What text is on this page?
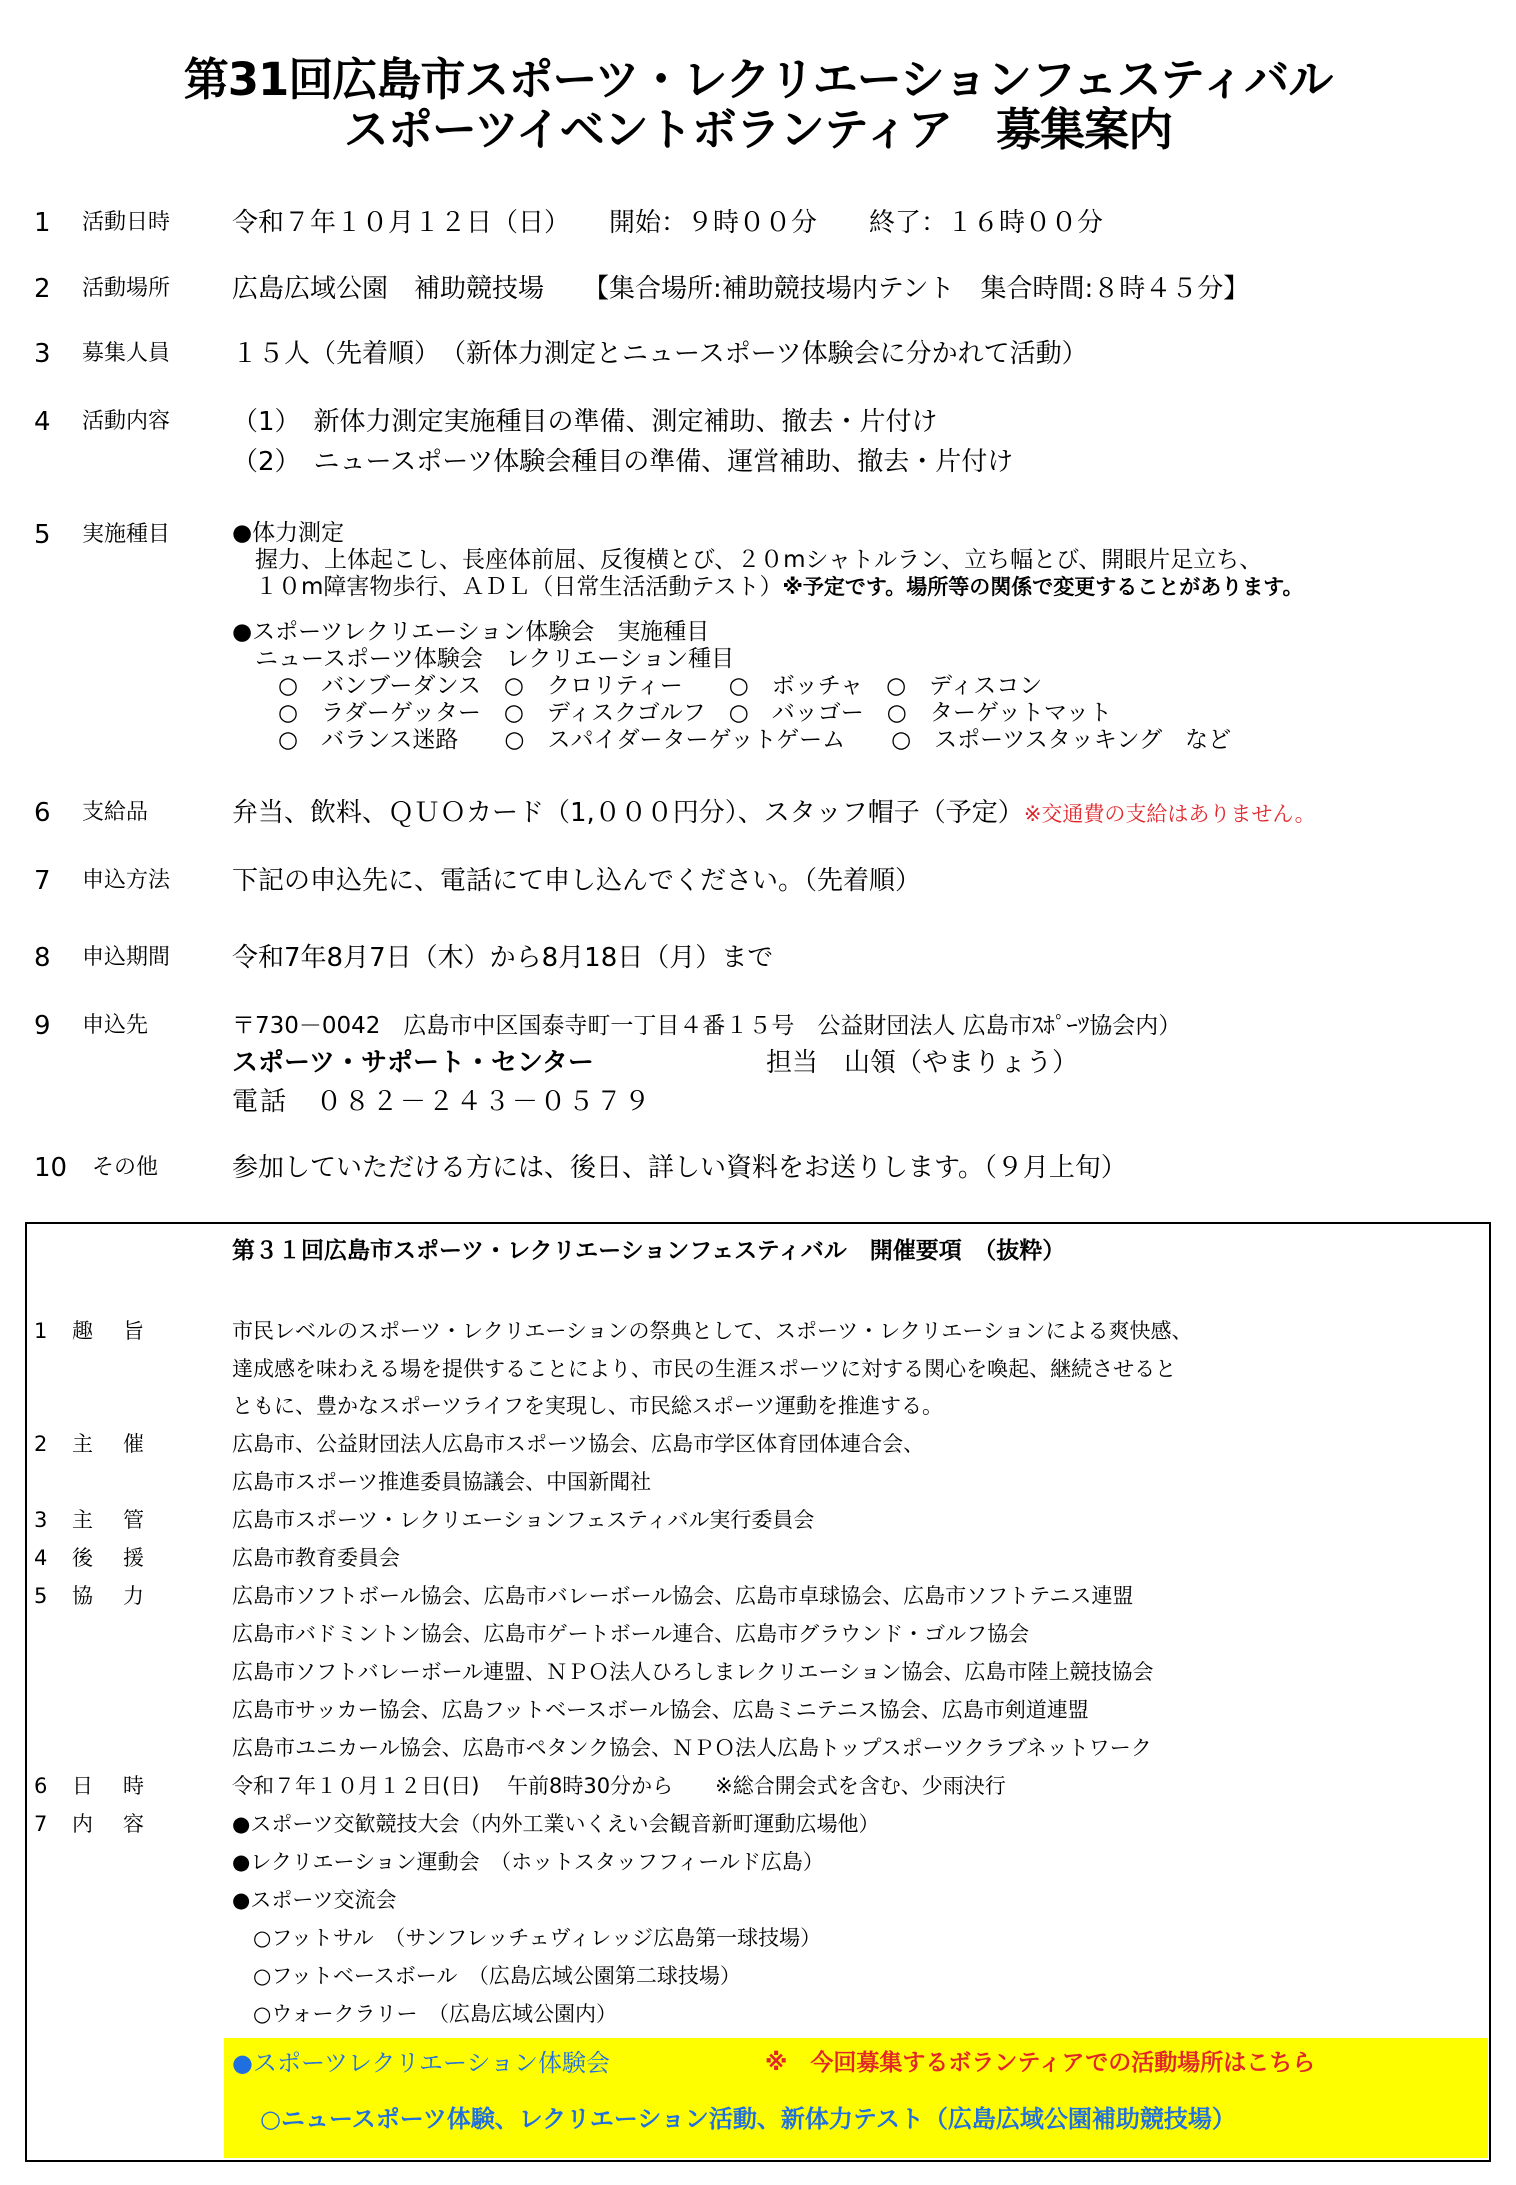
第31回広島市スポーツ・レクリエーションフェスティバル
スポーツイベントボランティア　募集案内
1 活動日時 令和７年１０月１２日（日）　　開始：９時００分　　終了：１６時００分
2 活動場所 広島広域公園　補助競技場　　【集合場所:補助競技場内テント　集合時間:８時４５分】
3 募集人員 １５人（先着順）　（新体力測定とニュースポーツ体験会に分かれて活動）
4 活動内容 （1）　新体力測定実施種目の準備、測定補助、撤去・片付け
（2）　ニュースポーツ体験会種目の準備、運営補助、撤去・片付け
5 実施種目	●体力測定
　握力、上体起こし、長座体前屈、反復横とび、２０mシャトルラン、立ち幅とび、開眼片足立ち、
　１０m障害物歩行、ＡＤＬ（日常生活活動テスト）※予定です。場所等の関係で変更することがあります。
●スポーツレクリエーション体験会　実施種目
　ニュースポーツ体験会　レクリエーション種目
　　○　バンブーダンス　○　クロリティー　　○　ボッチャ　○　ディスコン
　　○　ラダーゲッター　○　ディスクゴルフ　○　バッゴー　○　ターゲットマット
　　○　バランス迷路　　○　スパイダーターゲットゲーム　　○　スポーツスタッキング　など
6 支給品	弁当、飲料、ＱＵＯカード（1,０００円分）、スタッフ帽子（予定）※交通費の支給はありません。
7 申込方法 下記の申込先に、電話にて申し込んでください。（先着順）
8 申込期間 令和7年8月7日（木）から8月18日（月）まで
9 申込先	〒730－0042　広島市中区国泰寺町一丁目４番１５号　公益財団法人 広島市ｽﾎﾟｰﾂ協会内）
スポーツ・サポート・センター	担当　山領（やまりょう）
電話　０８２－２４３－０５７９
10 その他	参加していただける方には、後日、詳しい資料をお送りします。（９月上旬）
第３１回広島市スポーツ・レクリエーションフェスティバル　開催要項　（抜粋）
1 趣旨	市民レベルのスポーツ・レクリエーションの祭典として、スポーツ・レクリエーションによる爽快感、
達成感を味わえる場を提供することにより、市民の生涯スポーツに対する関心を喚起、継続させると
ともに、豊かなスポーツライフを実現し、市民総スポーツ運動を推進する。
2 主催	広島市、公益財団法人広島市スポーツ協会、広島市学区体育団体連合会、
広島市スポーツ推進委員協議会、中国新聞社
3 主管	広島市スポーツ・レクリエーションフェスティバル実行委員会
4 後援	広島市教育委員会
5 協力	広島市ソフトボール協会、広島市バレーボール協会、広島市卓球協会、広島市ソフトテニス連盟
広島市バドミントン協会、広島市ゲートボール連合、広島市グラウンド・ゴルフ協会
広島市ソフトバレーボール連盟、ＮＰＯ法人ひろしまレクリエーション協会、広島市陸上競技協会
広島市サッカー協会、広島フットベースボール協会、広島ミニテニス協会、広島市剣道連盟
広島市ユニカール協会、広島市ペタンク協会、ＮＰＯ法人広島トップスポーツクラブネットワーク
6 日時	令和７年１０月１２日(日)　 午前8時30分から　　※総合開会式を含む、少雨決行
7 内容	●スポーツ交歓競技大会（内外工業いくえい会観音新町運動広場他）
●レクリエーション運動会　（ホットスタッフフィールド広島）
●スポーツ交流会
　○フットサル　（サンフレッチェヴィレッジ広島第一球技場）
　○フットベースボール　（広島広域公園第二球技場）
　○ウォークラリー　（広島広域公園内）
●スポーツレクリエーション体験会	※　今回募集するボランティアでの活動場所はこちら
○ニュースポーツ体験、レクリエーション活動、新体力テスト（広島広域公園補助競技場）
